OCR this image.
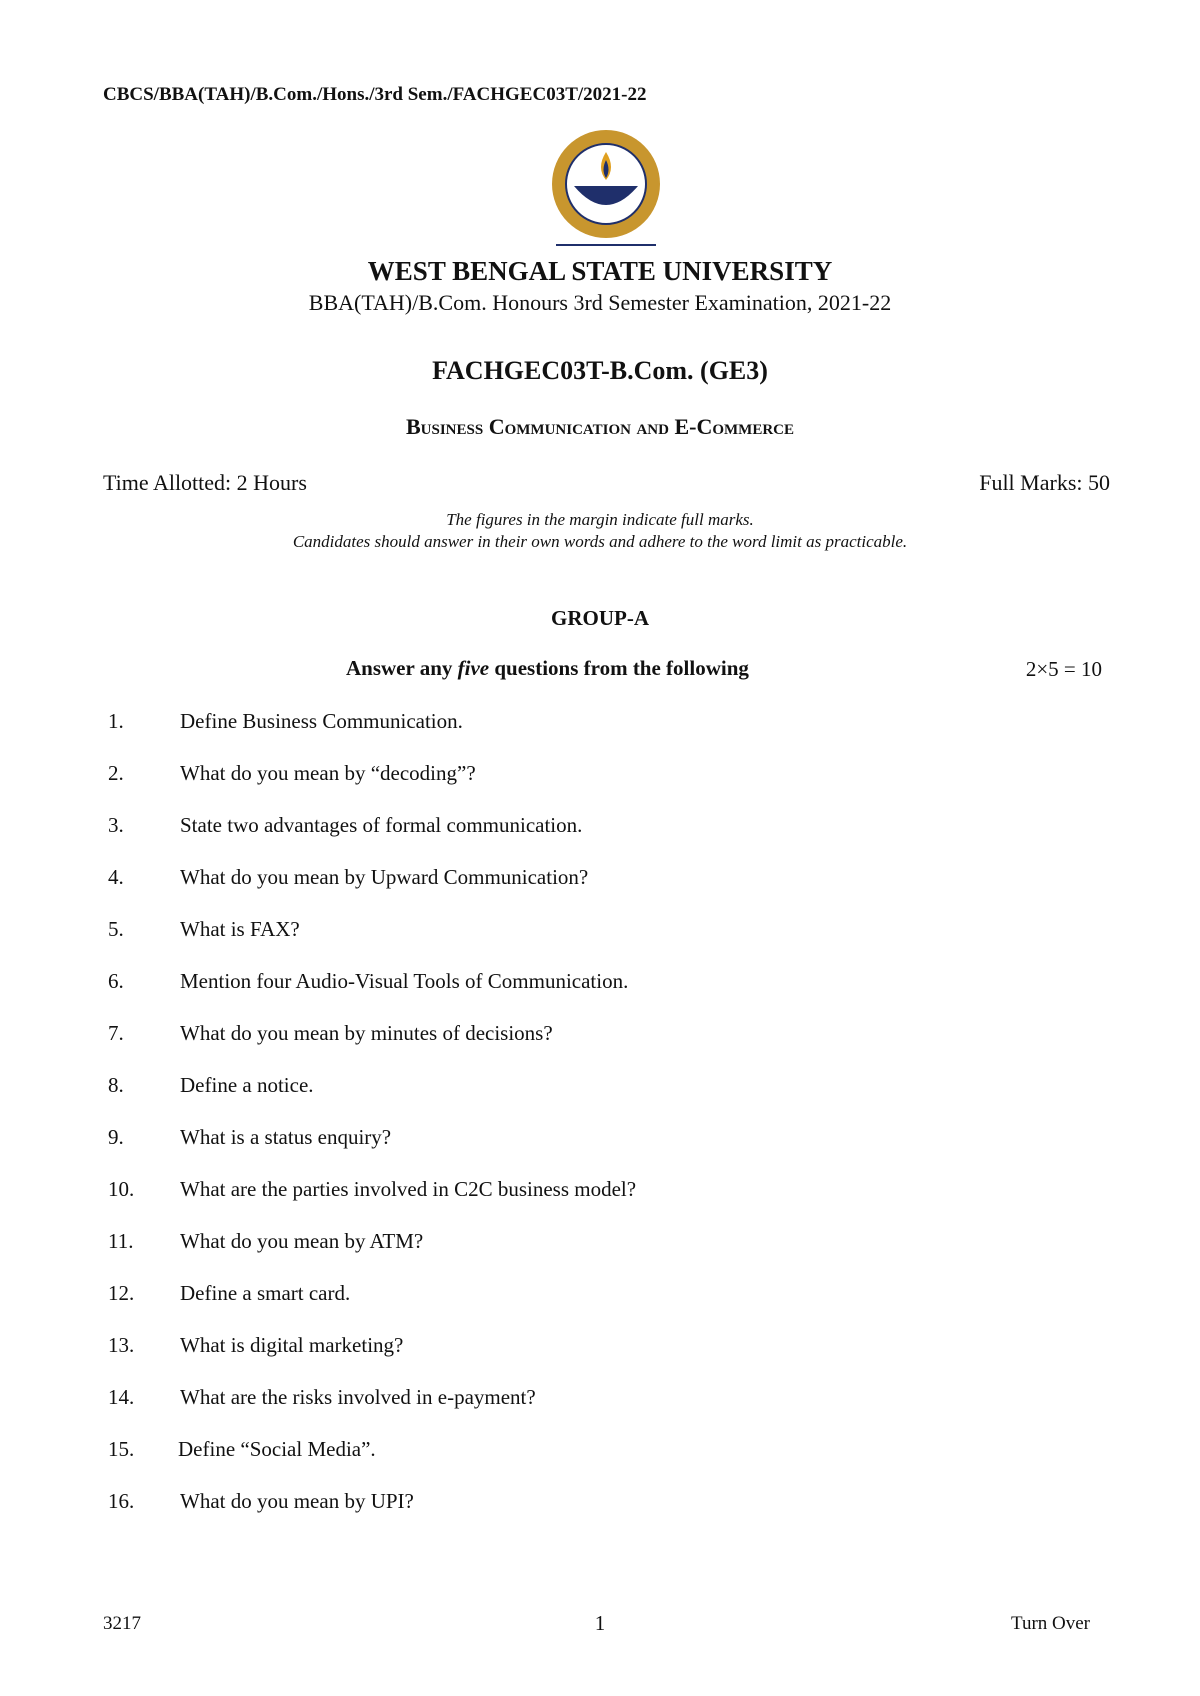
CBCS/BBA(TAH)/B.Com./Hons./3rd Sem./FACHGEC03T/2021-22
WEST BENGAL STATE UNIVERSITY
BBA(TAH)/B.Com. Honours 3rd Semester Examination, 2021-22
FACHGEC03T-B.Com. (GE3)
Business Communication and E-Commerce
Time Allotted: 2 Hours	Full Marks: 50
The figures in the margin indicate full marks.
Candidates should answer in their own words and adhere to the word limit as practicable.
GROUP-A
Answer any five questions from the following	2×5 = 10
1.	Define Business Communication.
2.	What do you mean by “decoding”?
3.	State two advantages of formal communication.
4.	What do you mean by Upward Communication?
5.	What is FAX?
6.	Mention four Audio-Visual Tools of Communication.
7.	What do you mean by minutes of decisions?
8.	Define a notice.
9.	What is a status enquiry?
10. What are the parties involved in C2C business model?
11. What do you mean by ATM?
12. Define a smart card.
13. What is digital marketing?
14. What are the risks involved in e-payment?
15. Define “Social Media”.
16. What do you mean by UPI?
3217	1	Turn Over
